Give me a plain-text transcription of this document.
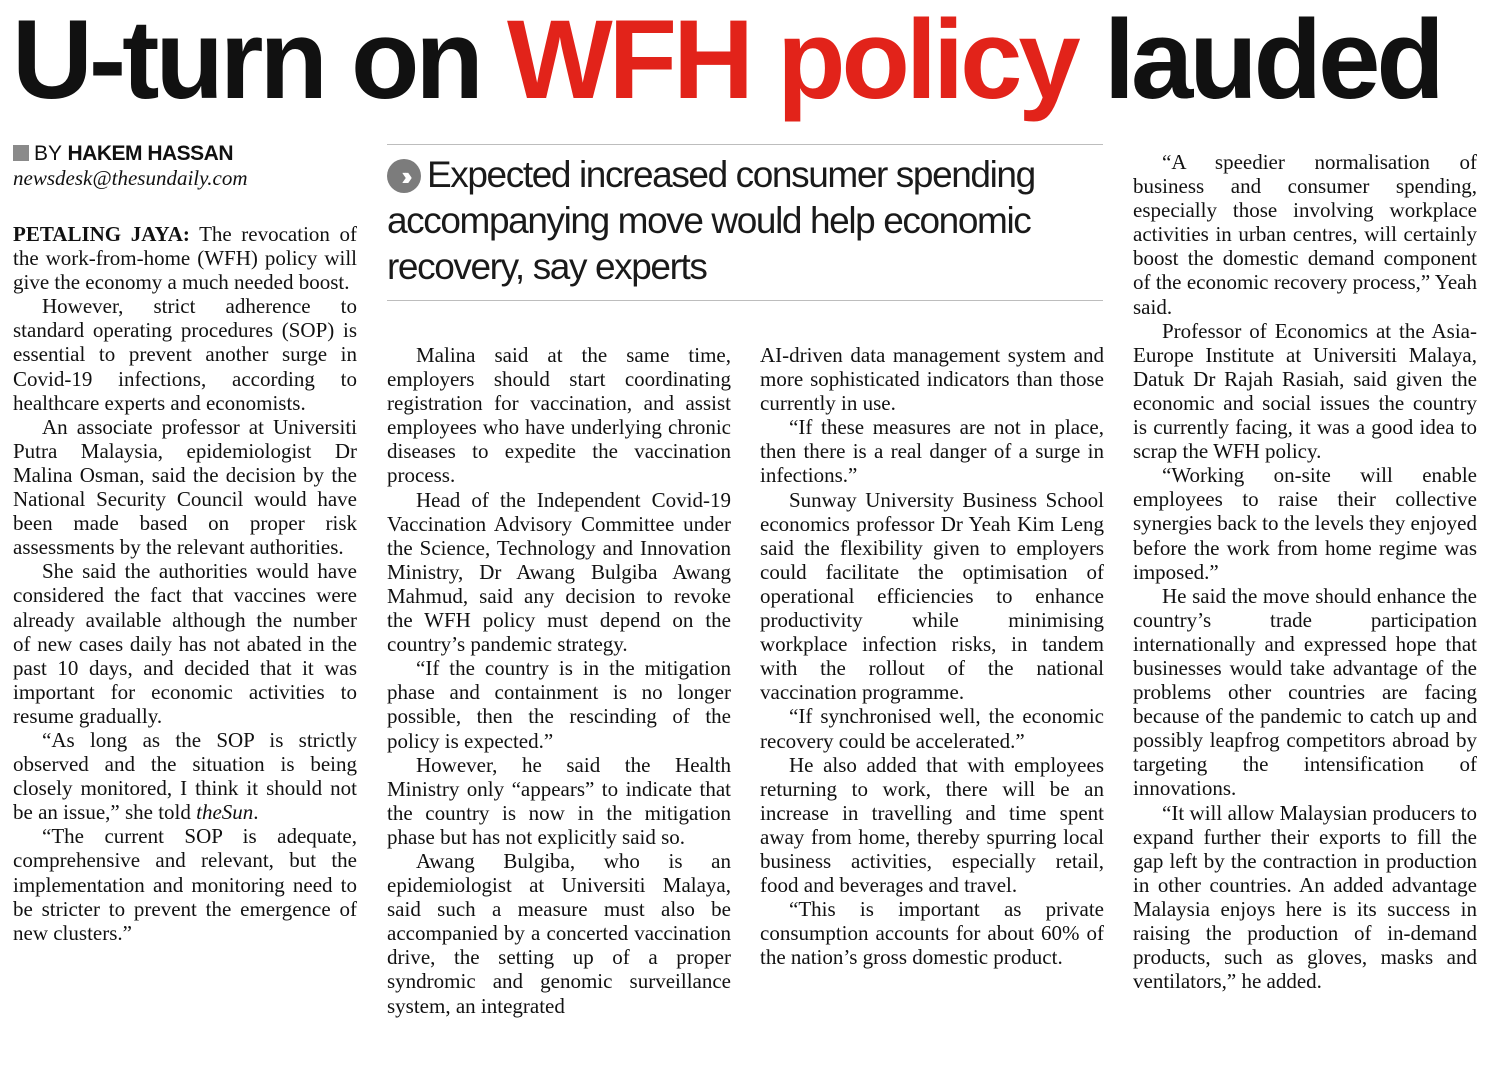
U-turn on WFH policy lauded
BY HAKEM HASSAN
newsdesk@thesundaily.com	›› Expected increased consumer spending accompanying move would help economic recovery, say experts

PETALING JAYA: The revocation of the work-from-home (WFH) policy will give the economy a much needed boost.

However, strict adherence to standard operating procedures (SOP) is essential to prevent another surge in Covid-19 infections, according to healthcare experts and economists.

An associate professor at Universiti Putra Malaysia, epidemiologist Dr Malina Osman, said the decision by the National Security Council would have been made based on proper risk assessments by the relevant authorities.

She said the authorities would have considered the fact that vaccines were already available although the number of new cases daily has not abated in the past 10 days, and decided that it was important for economic activities to resume gradually.

“As long as the SOP is strictly observed and the situation is being closely monitored, I think it should not be an issue,” she told theSun.

“The current SOP is adequate, comprehensive and relevant, but the implementation and monitoring need to be stricter to prevent the emergence of new clusters.”

Malina said at the same time, employers should start coordinating registration for vaccination, and assist employees who have underlying chronic diseases to expedite the vaccination process.

Head of the Independent Covid-19 Vaccination Advisory Committee under the Science, Technology and Innovation Ministry, Dr Awang Bulgiba Awang Mahmud, said any decision to revoke the WFH policy must depend on the country’s pandemic strategy.

“If the country is in the mitigation phase and containment is no longer possible, then the rescinding of the policy is expected.”

However, he said the Health Ministry only “appears” to indicate that the country is now in the mitigation phase but has not explicitly said so.

Awang Bulgiba, who is an epidemiologist at Universiti Malaya, said such a measure must also be accompanied by a concerted vaccination drive, the setting up of a proper syndromic and genomic surveillance system, an integrated

AI-driven data management system and more sophisticated indicators than those currently in use.

“If these measures are not in place, then there is a real danger of a surge in infections.”

Sunway University Business School economics professor Dr Yeah Kim Leng said the flexibility given to employers could facilitate the optimisation of operational efficiencies to enhance productivity while minimising workplace infection risks, in tandem with the rollout of the national vaccination programme.

“If synchronised well, the economic recovery could be accelerated.”

He also added that with employees returning to work, there will be an increase in travelling and time spent away from home, thereby spurring local business activities, especially retail, food and beverages and travel.

“This is important as private consumption accounts for about 60% of the nation’s gross domestic product.

“A speedier normalisation of business and consumer spending, especially those involving workplace activities in urban centres, will certainly boost the domestic demand component of the economic recovery process,” Yeah said.

Professor of Economics at the Asia-Europe Institute at Universiti Malaya, Datuk Dr Rajah Rasiah, said given the economic and social issues the country is currently facing, it was a good idea to scrap the WFH policy.

“Working on-site will enable employees to raise their collective synergies back to the levels they enjoyed before the work from home regime was imposed.”

He said the move should enhance the country’s trade participation internationally and expressed hope that businesses would take advantage of the problems other countries are facing because of the pandemic to catch up and possibly leapfrog competitors abroad by targeting the intensification of innovations.

“It will allow Malaysian producers to expand further their exports to fill the gap left by the contraction in production in other countries. An added advantage Malaysia enjoys here is its success in raising the production of in-demand products, such as gloves, masks and ventilators,” he added.
